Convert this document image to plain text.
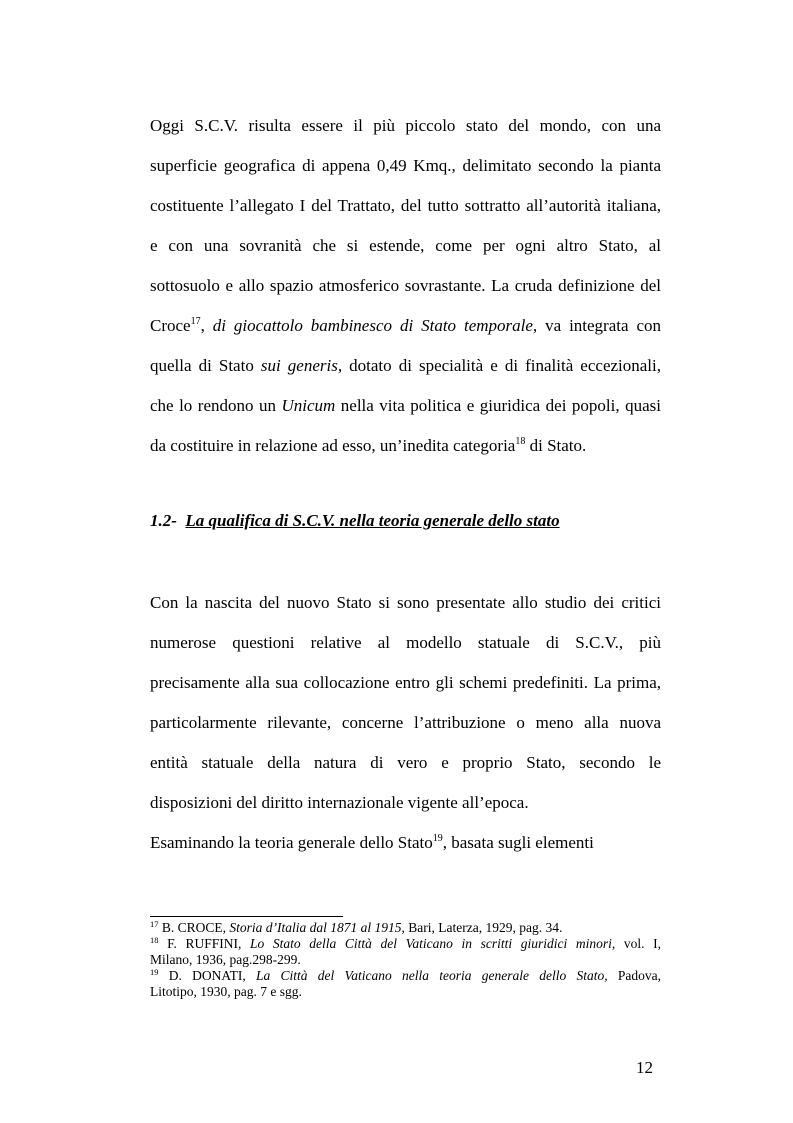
Oggi S.C.V. risulta essere il più piccolo stato del mondo, con una
superficie geografica di appena 0,49 Kmq., delimitato secondo la pianta
costituente l’allegato I del Trattato, del tutto sottratto all’autorità italiana,
e con una sovranità che si estende, come per ogni altro Stato, al
sottosuolo e allo spazio atmosferico sovrastante. La cruda definizione del
Croce$^{17}$, di giocattolo bambinesco di Stato temporale, va integrata con
quella di Stato sui generis, dotato di specialità e di finalità eccezionali,
che lo rendono un Unicum nella vita politica e giuridica dei popoli, quasi
da costituire in relazione ad esso, un’inedita categoria$^{18}$ di Stato.
1.2- La qualifica di S.C.V. nella teoria generale dello stato
Con la nascita del nuovo Stato si sono presentate allo studio dei critici
numerose questioni relative al modello statuale di S.C.V., più
precisamente alla sua collocazione entro gli schemi predefiniti. La prima,
particolarmente rilevante, concerne l’attribuzione o meno alla nuova
entità statuale della natura di vero e proprio Stato, secondo le
disposizioni del diritto internazionale vigente all’epoca.
Esaminando la teoria generale dello Stato$^{19}$, basata sugli elementi

$^{17}$ B. CROCE, Storia d’Italia dal 1871 al 1915, Bari, Laterza, 1929, pag. 34.

$^{18}$ F. RUFFINI, Lo Stato della Città del Vaticano in scritti giuridici minori, vol. I,
Milano, 1936, pag.298-299.

$^{19}$ D. DONATI, La Città del Vaticano nella teoria generale dello Stato, Padova,
Litotipo, 1930, pag. 7 e sgg.

12
